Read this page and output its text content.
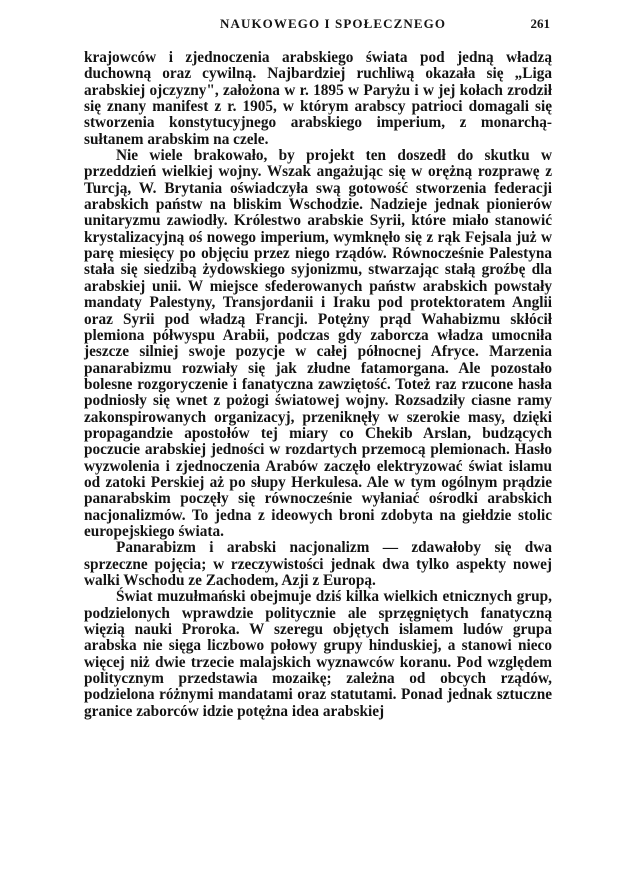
NAUKOWEGO I SPOŁECZNEGO	261

krajowców i zjednoczenia arabskiego świata pod jedną władzą duchowną oraz cywilną. Najbardziej ruchliwą okazała się „Liga arabskiej ojczyzny", założona w r. 1895 w Paryżu i w jej kołach zrodził się znany manifest z r. 1905, w którym arabscy patrioci domagali się stworzenia konstytucyjnego arabskiego imperium, z monarchą-sułtanem arabskim na czele.

Nie wiele brakowało, by projekt ten doszedł do skutku w przeddzień wielkiej wojny. Wszak angażując się w orężną rozprawę z Turcją, W. Brytania oświadczyła swą gotowość stworzenia federacji arabskich państw na bliskim Wschodzie. Nadzieje jednak pionierów unitaryzmu zawiodły. Królestwo arabskie Syrii, które miało stanowić krystalizacyjną oś nowego imperium, wymknęło się z rąk Fejsala już w parę miesięcy po objęciu przez niego rządów. Równocześnie Palestyna stała się siedzibą żydowskiego syjonizmu, stwarzając stałą groźbę dla arabskiej unii. W miejsce sfederowanych państw arabskich powstały mandaty Palestyny, Transjordanii i Iraku pod protektoratem Anglii oraz Syrii pod władzą Francji. Potężny prąd Wahabizmu skłócił plemiona półwyspu Arabii, podczas gdy zaborcza władza umocniła jeszcze silniej swoje pozycje w całej północnej Afryce. Marzenia panarabizmu rozwiały się jak złudne fatamorgana. Ale pozostało bolesne rozgoryczenie i fanatyczna zawziętość. Toteż raz rzucone hasła podniosły się wnet z pożogi światowej wojny. Rozsadziły ciasne ramy zakonspirowanych organizacyj, przeniknęły w szerokie masy, dzięki propagandzie apostołów tej miary co Chekib Arslan, budzących poczucie arabskiej jedności w rozdartych przemocą plemionach. Hasło wyzwolenia i zjednoczenia Arabów zaczęło elektryzować świat islamu od zatoki Perskiej aż po słupy Herkulesa. Ale w tym ogólnym prądzie panarabskim poczęły się równocześnie wyłaniać ośrodki arabskich nacjonalizmów. To jedna z ideowych broni zdobyta na giełdzie stolic europejskiego świata.

Panarabizm i arabski nacjonalizm — zdawałoby się dwa sprzeczne pojęcia; w rzeczywistości jednak dwa tylko aspekty nowej walki Wschodu ze Zachodem, Azji z Europą.

Świat muzułmański obejmuje dziś kilka wielkich etnicznych grup, podzielonych wprawdzie politycznie ale sprzęgniętych fanatyczną więzią nauki Proroka. W szeregu objętych islamem ludów grupa arabska nie sięga liczbowo połowy grupy hinduskiej, a stanowi nieco więcej niż dwie trzecie malajskich wyznawców koranu. Pod względem politycznym przedstawia mozaikę; zależna od obcych rządów, podzielona różnymi mandatami oraz statutami. Ponad jednak sztuczne granice zaborców idzie potężna idea arabskiej
